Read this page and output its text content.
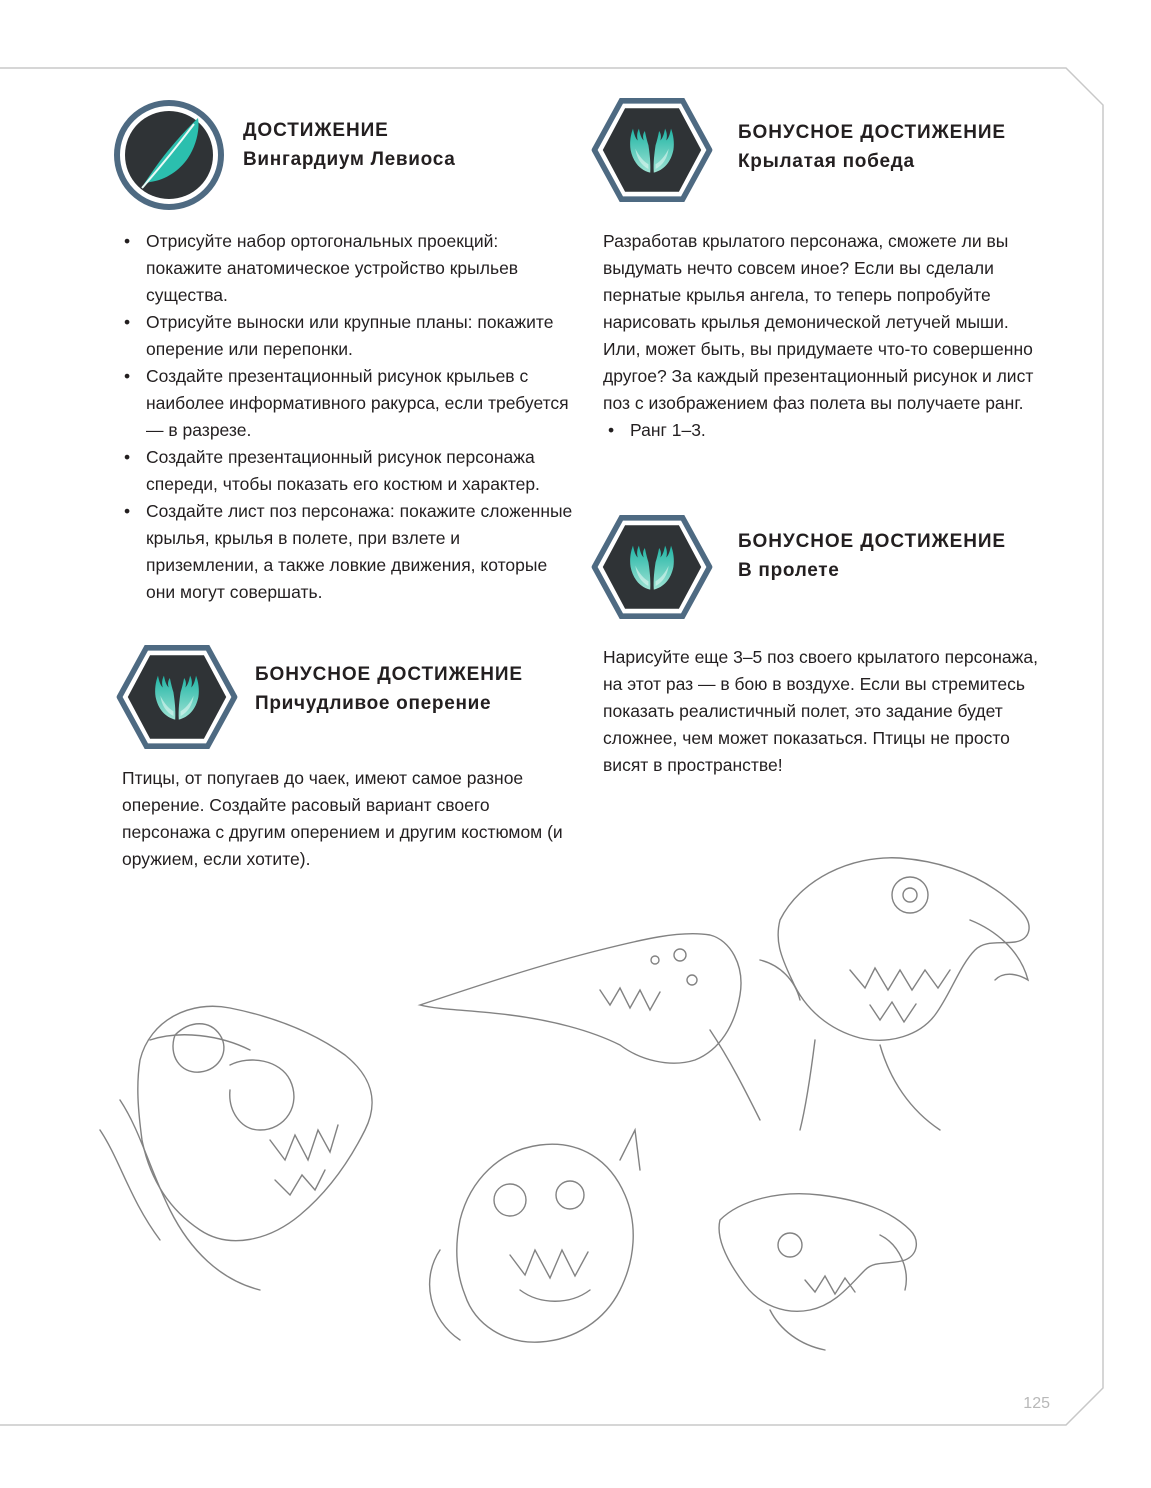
ДОСТИЖЕНИЕ
Вингардиум Левиоса
• Отрисуйте набор ортогональных проекций: покажите анатомическое устройство крыльев существа.
• Отрисуйте выноски или крупные планы: покажите оперение или перепонки.
• Создайте презентационный рисунок крыльев с наиболее информативного ракурса, если требуется — в разрезе.
• Создайте презентационный рисунок персонажа спереди, чтобы показать его костюм и характер.
• Создайте лист поз персонажа: покажите сложенные крылья, крылья в полете, при взлете и приземлении, а также ловкие движения, которые они могут совершать.
БОНУСНОЕ ДОСТИЖЕНИЕ
Причудливое оперение

Птицы, от попугаев до чаек, имеют самое разное оперение. Создайте расовый вариант своего персонажа с другим оперением и другим костюмом (и оружием, если хотите).

БОНУСНОЕ ДОСТИЖЕНИЕ
Крылатая победа

Разработав крылатого персонажа, сможете ли вы выдумать нечто совсем иное? Если вы сделали пернатые крылья ангела, то теперь попробуйте нарисовать крылья демонической летучей мыши. Или, может быть, вы придумаете что-то совершенно другое? За каждый презентационный рисунок и лист поз с изображением фаз полета вы получаете ранг.

• Ранг 1–3.
БОНУСНОЕ ДОСТИЖЕНИЕ
В пролете

Нарисуйте еще 3–5 поз своего крылатого персонажа, на этот раз — в бою в воздухе. Если вы стремитесь показать реалистичный полет, это задание будет сложнее, чем может показаться. Птицы не просто висят в пространстве!

125
